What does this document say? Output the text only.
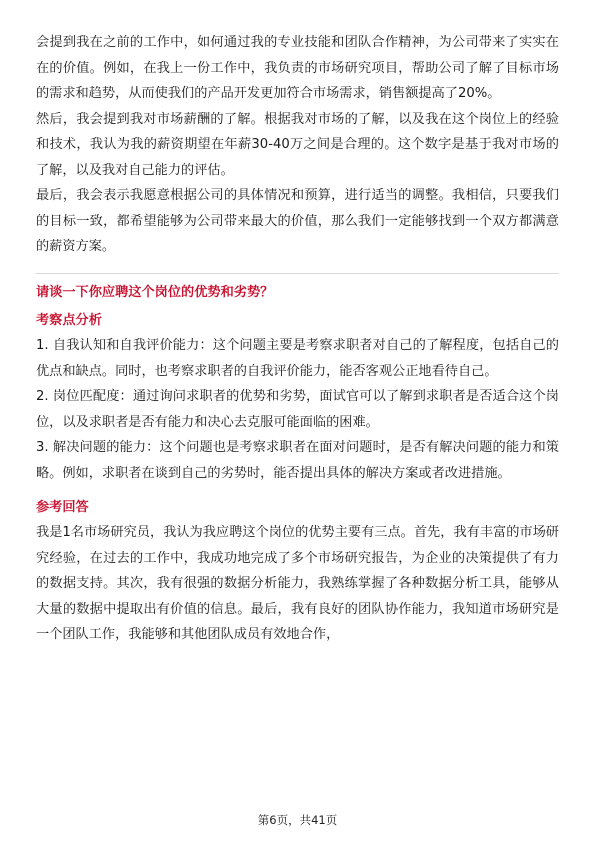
会提到我在之前的工作中，如何通过我的专业技能和团队合作精神，为公司带来了实实在在的价值。例如，在我上一份工作中，我负责的市场研究项目，帮助公司了解了目标市场的需求和趋势，从而使我们的产品开发更加符合市场需求，销售额提高了20%。

然后，我会提到我对市场薪酬的了解。根据我对市场的了解，以及我在这个岗位上的经验和技术，我认为我的薪资期望在年薪30-40万之间是合理的。这个数字是基于我对市场的了解，以及我对自己能力的评估。

最后，我会表示我愿意根据公司的具体情况和预算，进行适当的调整。我相信，只要我们的目标一致，都希望能够为公司带来最大的价值，那么我们一定能够找到一个双方都满意的薪资方案。

请谈一下你应聘这个岗位的优势和劣势？

考察点分析

1. 自我认知和自我评价能力：这个问题主要是考察求职者对自己的了解程度，包括自己的优点和缺点。同时，也考察求职者的自我评价能力，能否客观公正地看待自己。

2. 岗位匹配度：通过询问求职者的优势和劣势，面试官可以了解到求职者是否适合这个岗位，以及求职者是否有能力和决心去克服可能面临的困难。

3. 解决问题的能力：这个问题也是考察求职者在面对问题时，是否有解决问题的能力和策略。例如，求职者在谈到自己的劣势时，能否提出具体的解决方案或者改进措施。

参考回答

我是1名市场研究员，我认为我应聘这个岗位的优势主要有三点。首先，我有丰富的市场研究经验，在过去的工作中，我成功地完成了多个市场研究报告，为企业的决策提供了有力的数据支持。其次，我有很强的数据分析能力，我熟练掌握了各种数据分析工具，能够从大量的数据中提取出有价值的信息。最后，我有良好的团队协作能力，我知道市场研究是一个团队工作，我能够和其他团队成员有效地合作，

第6页，共41页
